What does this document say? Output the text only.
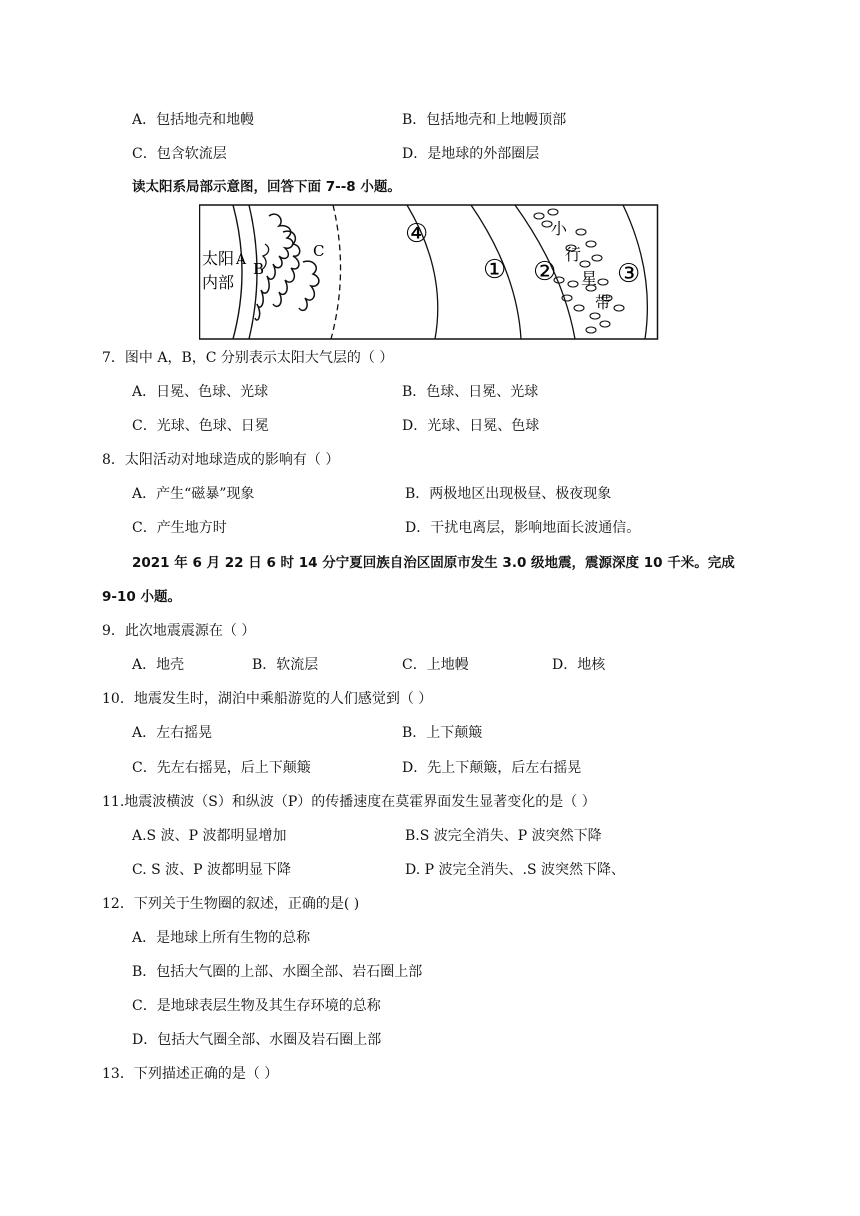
A．包括地壳和地幔	B．包括地壳和上地幔顶部
C．包含软流层	D．是地球的外部圈层
读太阳系局部示意图，回答下面 7--8 小题。
太阳
内部
A B
C
④
① ② ③
小
行
星
带
7．图中 A，B，C 分别表示太阳大气层的（ ）
A．日冕、色球、光球	B．色球、日冕、光球
C．光球、色球、日冕	D．光球、日冕、色球
8．太阳活动对地球造成的影响有（ ）
A．产生“磁暴”现象	B．两极地区出现极昼、极夜现象
C．产生地方时	D．干扰电离层，影响地面长波通信。
2021 年 6 月 22 日 6 时 14 分宁夏回族自治区固原市发生 3.0 级地震，震源深度 10 千米。完成
9-10 小题。
9．此次地震震源在（ ）
A．地壳	B．软流层	C．上地幔	D．地核
10．地震发生时，湖泊中乘船游览的人们感觉到（ ）
A．左右摇晃	B．上下颠簸
C．先左右摇晃，后上下颠簸	D．先上下颠簸，后左右摇晃
11.地震波横波（S）和纵波（P）的传播速度在莫霍界面发生显著变化的是（ ）
A.S 波、P 波都明显增加	B.S 波完全消失、P 波突然下降
C. S 波、P 波都明显下降	D. P 波完全消失、.S 波突然下降、
12．下列关于生物圈的叙述，正确的是( )
A．是地球上所有生物的总称
B．包括大气圈的上部、水圈全部、岩石圈上部
C．是地球表层生物及其生存环境的总称
D．包括大气圈全部、水圈及岩石圈上部
13．下列描述正确的是（ ）
